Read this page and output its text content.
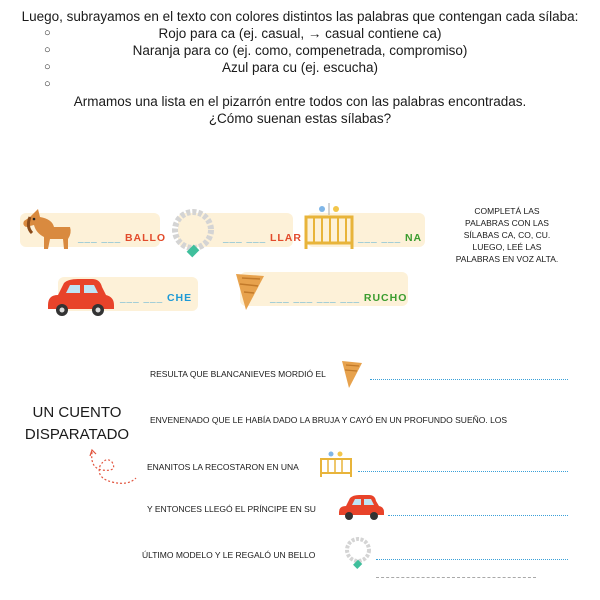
Luego, subrayamos en el texto con colores distintos las palabras que contengan cada sílaba:

○	Rojo para ca (ej. casual, → casual contiene ca)
○	Naranja para co (ej. como, compenetrada, compromiso)
○	Azul para cu (ej. escucha)
○

Armamos una lista en el pizarrón entre todos con las palabras encontradas.

¿Cómo suenan estas sílabas?

___ ___ BALLO	___ ___ LLAR	___ ___ NA
COMPLETÁ LAS PALABRAS CON LAS SÍLABAS CA, CO, CU. LUEGO, LEÉ LAS PALABRAS EN VOZ ALTA.
___ ___ CHE	___ ___ ___ ___ RUCHO
UN CUENTO DISPARATADO
RESULTA QUE BLANCANIEVES MORDIÓ EL
ENVENENADO QUE LE HABÍA DADO LA BRUJA Y CAYÓ EN UN PROFUNDO SUEÑO. LOS
ENANITOS LA RECOSTARON EN UNA
Y ENTONCES LLEGÓ EL PRÍNCIPE EN SU
ÚLTIMO MODELO Y LE REGALÓ UN BELLO
